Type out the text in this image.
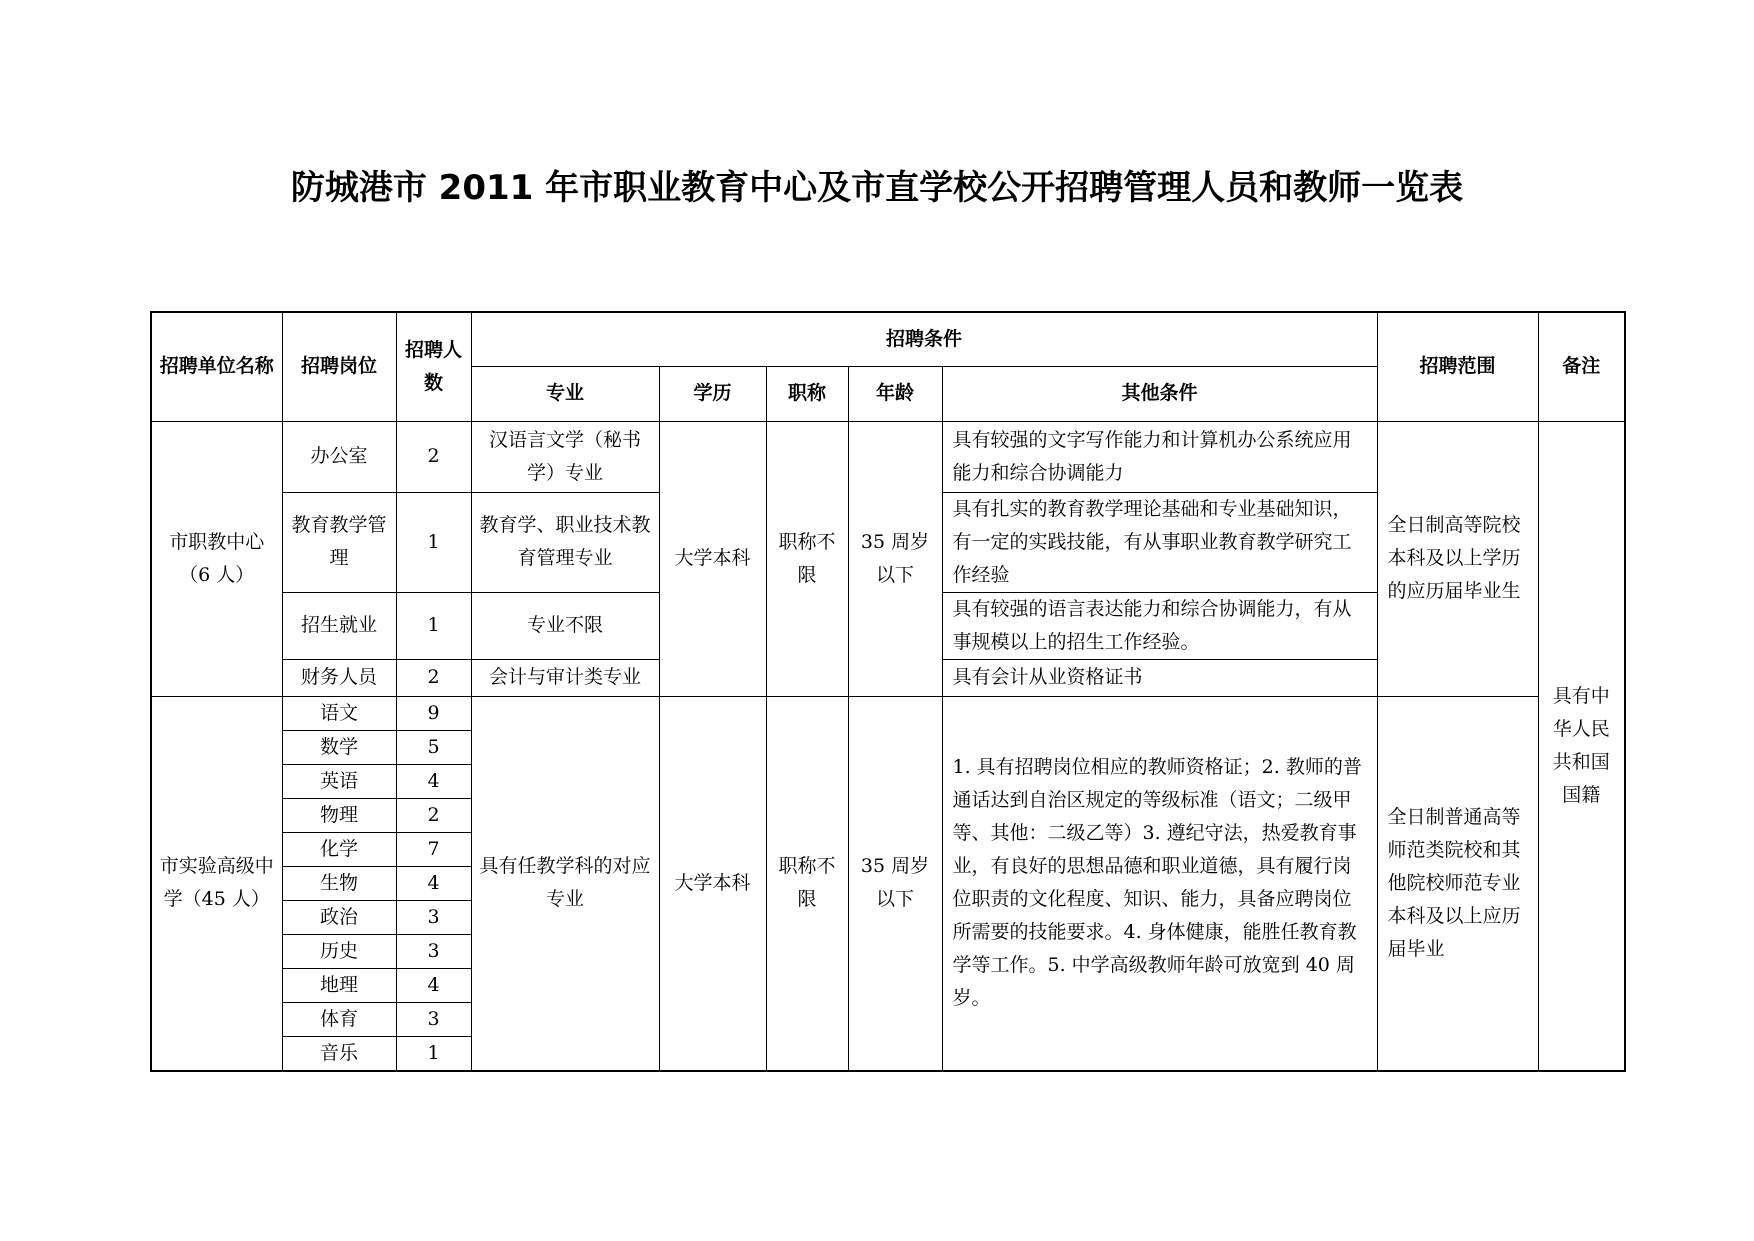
防城港市 2011 年市职业教育中心及市直学校公开招聘管理人员和教师一览表
招聘单位名称	招聘岗位	招聘人数	招聘条件					招聘范围	备注
			专业	学历	职称	年龄	其他条件		
市职教中心（6 人）	办公室	2	汉语言文学（秘书学）专业	大学本科	职称不限	35 周岁以下	具有较强的文字写作能力和计算机办公系统应用能力和综合协调能力	全日制高等院校本科及以上学历的应历届毕业生	具有中华人民共和国国籍
	教育教学管理	1	教育学、职业技术教育管理专业				具有扎实的教育教学理论基础和专业基础知识，有一定的实践技能，有从事职业教育教学研究工作经验		
	招生就业	1	专业不限				具有较强的语言表达能力和综合协调能力，有从事规模以上的招生工作经验。		
	财务人员	2	会计与审计类专业				具有会计从业资格证书		
市实验高级中学（45 人）	语文	9	具有任教学科的对应专业	大学本科	职称不限	35 周岁以下	1. 具有招聘岗位相应的教师资格证；2. 教师的普通话达到自治区规定的等级标准（语文；二级甲等、其他：二级乙等）3. 遵纪守法，热爱教育事业，有良好的思想品德和职业道德，具有履行岗位职责的文化程度、知识、能力，具备应聘岗位所需要的技能要求。4. 身体健康，能胜任教育教学等工作。5. 中学高级教师年龄可放宽到 40 周岁。	全日制普通高等师范类院校和其他院校师范专业本科及以上应历届毕业	
	数学	5							
	英语	4							
	物理	2							
	化学	7							
	生物	4							
	政治	3							
	历史	3							
	地理	4							
	体育	3							
	音乐	1							
